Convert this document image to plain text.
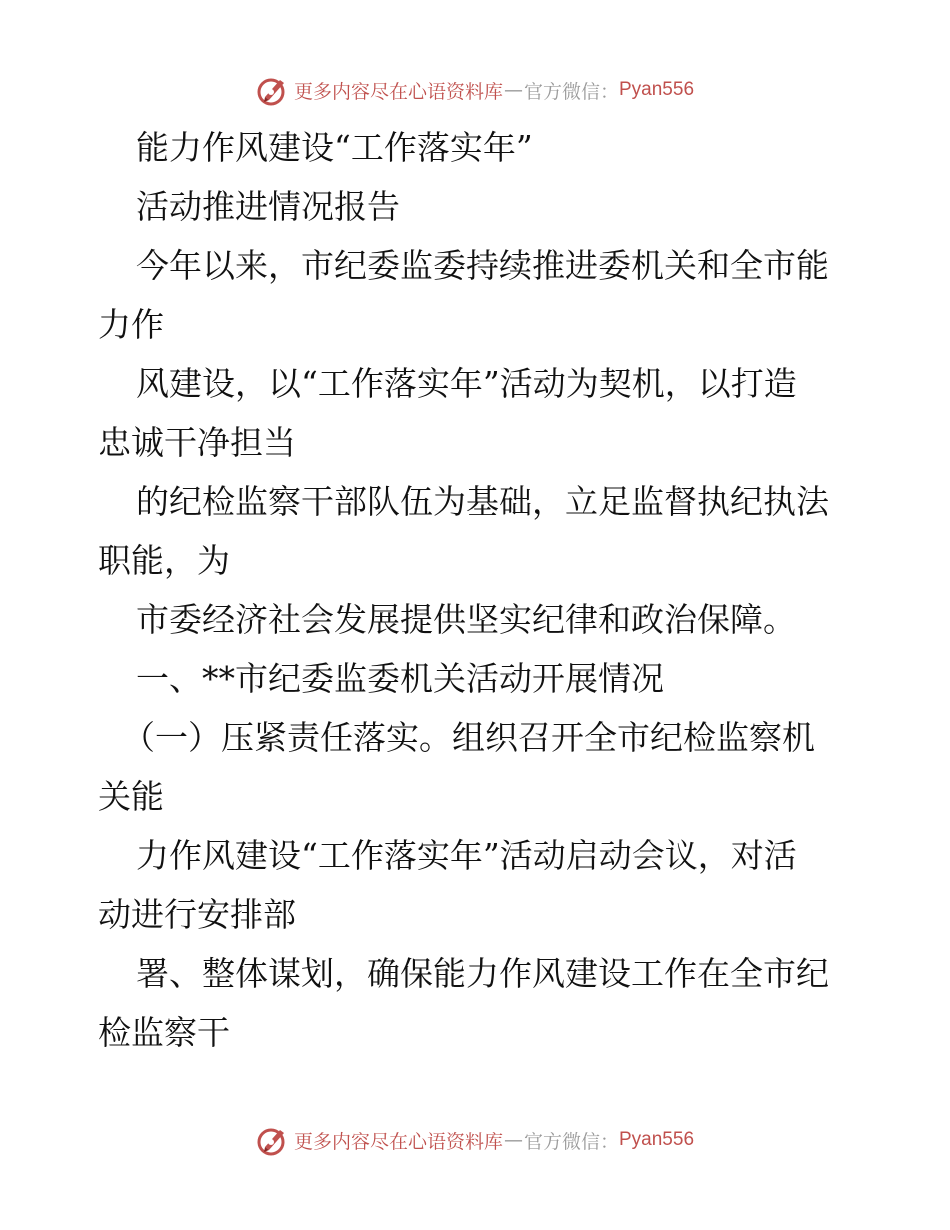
更多内容尽在心语资料库 — 官方微信： Pyan556
能力作风建设“工作落实年”
活动推进情况报告
今年以来，市纪委监委持续推进委机关和全市能
力作
风建设，以“工作落实年”活动为契机，以打造
忠诚干净担当
的纪检监察干部队伍为基础，立足监督执纪执法
职能，为
市委经济社会发展提供坚实纪律和政治保障。
一、**市纪委监委机关活动开展情况
（一）压紧责任落实。组织召开全市纪检监察机
关能
力作风建设“工作落实年”活动启动会议，对活
动进行安排部
署、整体谋划，确保能力作风建设工作在全市纪
检监察干
更多内容尽在心语资料库 — 官方微信： Pyan556
